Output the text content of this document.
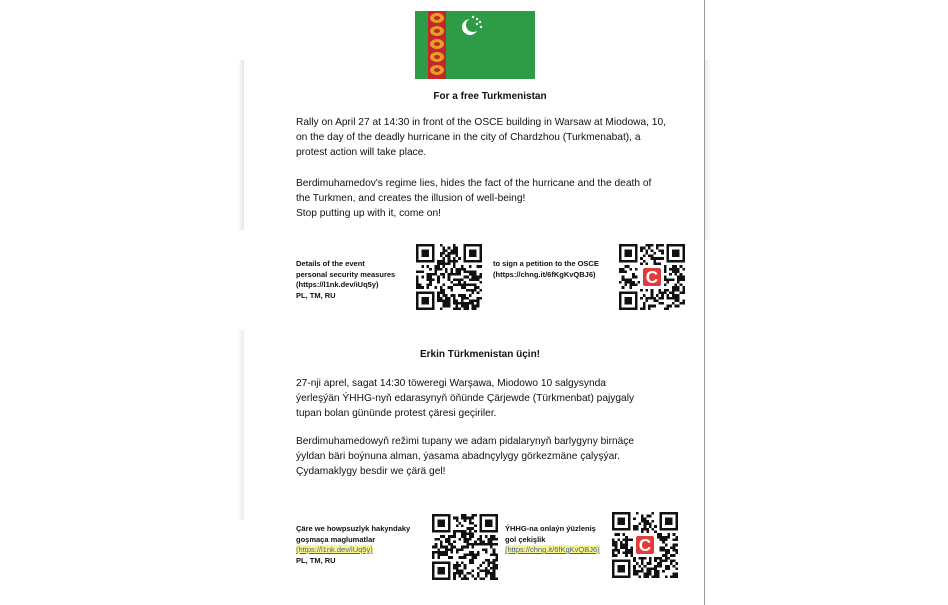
For a free Turkmenistan

Rally on April 27 at 14:30 in front of the OSCE building in Warsaw at Miodowa, 10, on the day of the deadly hurricane in the city of Chardzhou (Turkmenabat), a protest action will take place.

Berdimuhamedov's regime lies, hides the fact of the hurricane and the death of the Turkmen, and creates the illusion of well-being!
Stop putting up with it, come on!

Details of the event
personal security measures
(https://l1nk.dev/iUq5y)
PL, TM, RU
to sign a petition to the OSCE
(https://chng.it/6fKgKvQBJ6)	C
Erkin Türkmenistan üçin!

27-nji aprel, sagat 14:30 töweregi Warşawa, Miodowo 10 salgysynda ýerleşýän ÝHHG-nyň edarasynyň öňünde Çärjewde (Türkmenbat) pajygaly tupan bolan gününde protest çäresi geçiriler.

Berdimuhamedowyň režimi tupany we adam pidalarynyň barlygyny birnäçe ýyldan bäri boýnuna alman, ýasama abadnçylygy görkezmäne çalyşýar.
Çydamaklygy besdir we çärä gel!

Çäre we howpsuzlyk hakyndaky
goşmaça maglumatlar
(https://l1nk.dev/iUq5y)
PL, TM, RU
ÝHHG-na onlaýn ýüzleniş
gol çekişlik
(https://chng.it/6fKgKvQBJ6)	C
